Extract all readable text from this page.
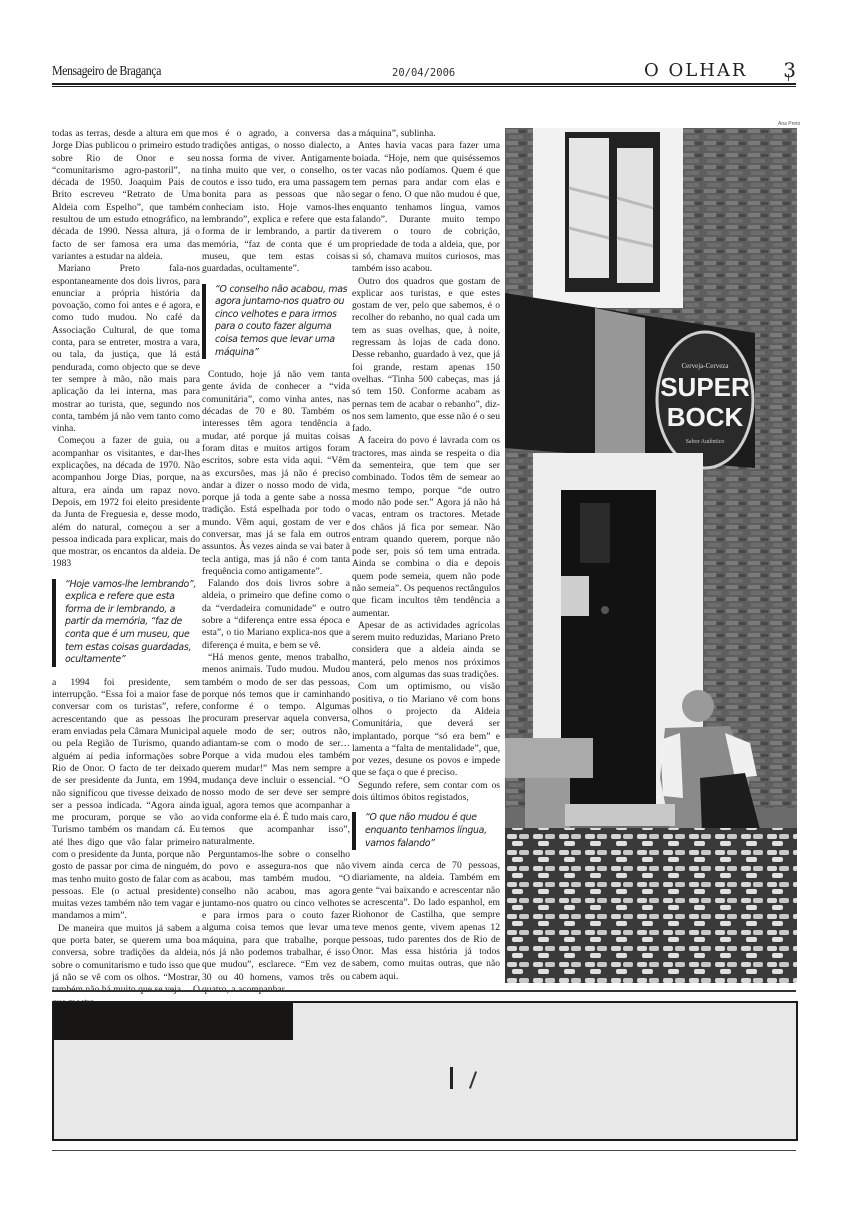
Mensageiro de Bragança	20/04/2006	O OLHAR 3

todas as terras, desde a altura em que Jorge Dias publicou o primeiro estudo sobre Rio de Onor e seu “comunitarismo agro-pastoril”, na década de 1950. Joaquim Pais de Brito escreveu “Retrato de Uma Aldeia com Espelho”, que também resultou de um estudo etnográfico, na década de 1990. Nessa altura, já o facto de ser famosa era uma das variantes a estudar na aldeia.

Mariano Preto fala-nos espontaneamente dos dois livros, para enunciar a própria história da povoação, como foi antes e é agora, e como tudo mudou. No café da Associação Cultural, de que toma conta, para se entreter, mostra a vara, ou tala, da justiça, que lá está pendurada, como objecto que se deve ter sempre à mão, não mais para aplicação da lei interna, mas para mostrar ao turista, que, segundo nos conta, também já não vem tanto como vinha.

Começou a fazer de guia, ou a acompanhar os visitantes, e dar-lhes explicações, na década de 1970. Não acompanhou Jorge Dias, porque, na altura, era ainda um rapaz novo. Depois, em 1972 foi eleito presidente da Junta de Freguesia e, desse modo, além do natural, começou a ser a pessoa indicada para explicar, mais do que mostrar, os encantos da aldeia. De 1983

“Hoje vamos-lhe lembrando”, explica e refere que esta forma de ir lembrando, a partir da memória, “faz de conta que é um museu, que tem estas coisas guardadas, ocultamente”

a 1994 foi presidente, sem interrupção. “Essa foi a maior fase de conversar com os turistas”, refere, acrescentando que as pessoas lhe eram enviadas pela Câmara Municipal ou pela Região de Turismo, quando alguém aí pedia informações sobre Rio de Onor. O facto de ter deixado de ser presidente da Junta, em 1994, não significou que tivesse deixado de ser a pessoa indicada. “Agora ainda me procuram, porque se vão ao Turismo também os mandam cá. Eu até lhes digo que vão falar primeiro com o presidente da Junta, porque não gosto de passar por cima de ninguém, mas tenho muito gosto de falar com as pessoas. Ele (o actual presidente) muitas vezes também não tem vagar e mandamos a mim”.

De maneira que muitos já sabem a que porta bater, se querem uma boa conversa, sobre tradições da aldeia, sobre o comunitarismo e tudo isso que já não se vê com os olhos. “Mostrar,

mos é o agrado, a conversa das tradições antigas, o nosso dialecto, a nossa forma de viver. Antigamente tinha muito que ver, o conselho, os coutos e isso tudo, era uma passagem bonita para as pessoas que não conheciam isto. Hoje vamos-lhes lembrando”, explica e refere que esta forma de ir lembrando, a partir da memória, “faz de conta que é um museu, que tem estas coisas guardadas, ocultamente”.

“O conselho não acabou, mas agora juntamo-nos quatro ou cinco velhotes e para irmos para o couto fazer alguma coisa temos que levar uma máquina”

Contudo, hoje já não vem tanta gente ávida de conhecer a “vida comunitária”, como vinha antes, nas décadas de 70 e 80. Também os interesses têm agora tendência a mudar, até porque já muitas coisas foram ditas e muitos artigos foram escritos, sobre esta vida aqui. “Vêm as excursões, mas já não é preciso andar a dizer o nosso modo de vida, porque já toda a gente sabe a nossa tradição. Está espelhada por todo o mundo. Vêm aqui, gostam de ver e conversar, mas já se fala em outros assuntos. Às vezes ainda se vai bater à tecla antiga, mas já não é com tanta frequência como antigamente”.

Falando dos dois livros sobre a aldeia, o primeiro que define como o da “verdadeira comunidade” e outro sobre a “diferença entre essa época e esta”, o tio Mariano explica-nos que a diferença é muita, e bem se vê.

“Há menos gente, menos trabalho, menos animais. Tudo mudou. Mudou também o modo de ser das pessoas, porque nós temos que ir caminhando conforme é o tempo. Algumas procuram preservar aquela conversa, aquele modo de ser; outros não, adiantam-se com o modo de ser… Porque a vida mudou eles também querem mudar!” Mas nem sempre a mudança deve incluir o essencial. “O nosso modo de ser deve ser sempre igual, agora temos que acompanhar a vida conforme ela é. É tudo mais caro, temos que acompanhar isso”, naturalmente.

Perguntamos-lhe sobre o conselho do povo e assegura-nos que não acabou, mas também mudou. “O conselho não acabou, mas agora juntamo-nos quatro ou cinco velhotes e para irmos para o couto fazer alguma coisa temos que levar uma máquina, para que trabalhe, porque nós já não podemos trabalhar, é isso que mudou”, esclarece. “Em vez de 30 ou 40 homens, vamos três ou

a máquina”, sublinha.

Antes havia vacas para fazer uma boiada. “Hoje, nem que quiséssemos ter vacas não podíamos. Quem é que tem pernas para andar com elas e segar o feno. O que não mudou é que, enquanto tenhamos língua, vamos falando”. Durante muito tempo tiverem o touro de cobrição, propriedade de toda a aldeia, que, por si só, chamava muitos curiosos, mas também isso acabou.

Outro dos quadros que gostam de explicar aos turistas, e que estes gostam de ver, pelo que sabemos, é o recolher do rebanho, no qual cada um tem as suas ovelhas, que, à noite, regressam às lojas de cada dono. Desse rebanho, guardado à vez, que já foi grande, restam apenas 150 ovelhas. “Tinha 500 cabeças, mas já só tem 150. Conforme acabam as pernas tem de acabar o rebanho”, diz-nos sem lamento, que esse não é o seu fado.

A faceira do povo é lavrada com os tractores, mas ainda se respeita o dia da sementeira, que tem que ser combinado. Todos têm de semear ao mesmo tempo, porque “de outro modo não pode ser.” Agora já não há vacas, entram os tractores. Metade dos chãos já fica por semear. Não entram quando querem, porque não pode ser, pois só tem uma entrada. Ainda se combina o dia e depois quem pode semeia, quem não pode não semeia”. Os pequenos rectângulos que ficam incultos têm tendência a aumentar.

Apesar de as actividades agrícolas serem muito reduzidas, Mariano Preto considera que a aldeia ainda se manterá, pelo menos nos próximos anos, com algumas das suas tradições.

Com um optimismo, ou visão positiva, o tio Mariano vê com bons olhos o projecto da Aldeia Comunitária, que deverá ser implantado, porque “só era bem” e lamenta a “falta de mentalidade”, que, por vezes, desune os povos e impede que se faça o que é preciso.

Segundo refere, sem contar com os dois últimos óbitos registados,

“O que não mudou é que enquanto tenhamos língua, vamos falando”

vivem ainda cerca de 70 pessoas, diariamente, na aldeia. Também em gente “vai baixando e acrescentar não se acrescenta”. Do lado espanhol, em Riohonor de Castilha, que sempre teve menos gente, vivem apenas 12 pessoas, tudo parentes dos de Rio de Onor. Mas essa história já todos sabem, como muitas outras, que não cabem aqui.

Ana Preto
Cerveja-Cerveza
SUPER
BOCK
Sabor Autêntico
